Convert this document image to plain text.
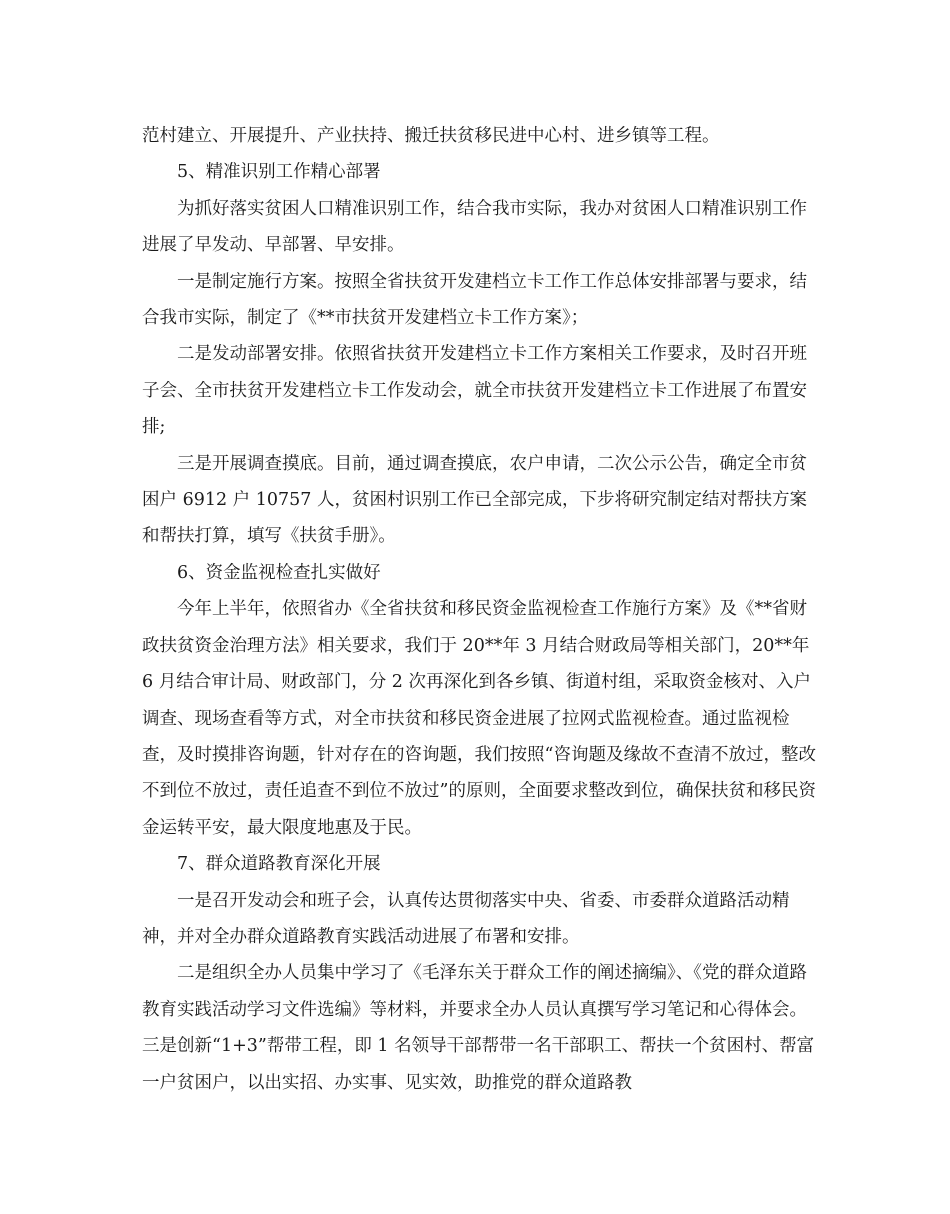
范村建立、开展提升、产业扶持、搬迁扶贫移民进中心村、进乡镇等工程。

5、精准识别工作精心部署

为抓好落实贫困人口精准识别工作，结合我市实际，我办对贫困人口精准识别工作进展了早发动、早部署、早安排。

一是制定施行方案。按照全省扶贫开发建档立卡工作工作总体安排部署与要求，结合我市实际，制定了《**市扶贫开发建档立卡工作方案》；

二是发动部署安排。依照省扶贫开发建档立卡工作方案相关工作要求，及时召开班子会、全市扶贫开发建档立卡工作发动会，就全市扶贫开发建档立卡工作进展了布置安排;

三是开展调查摸底。目前，通过调查摸底，农户申请，二次公示公告，确定全市贫困户 6912 户 10757 人，贫困村识别工作已全部完成，下步将研究制定结对帮扶方案和帮扶打算，填写《扶贫手册》。

6、资金监视检查扎实做好

今年上半年，依照省办《全省扶贫和移民资金监视检查工作施行方案》及《**省财政扶贫资金治理方法》相关要求，我们于 20**年 3 月结合财政局等相关部门，20**年 6 月结合审计局、财政部门，分 2 次再深化到各乡镇、街道村组，采取资金核对、入户调查、现场查看等方式，对全市扶贫和移民资金进展了拉网式监视检查。通过监视检查，及时摸排咨询题，针对存在的咨询题，我们按照“咨询题及缘故不查清不放过，整改不到位不放过，责任追查不到位不放过”的原则，全面要求整改到位，确保扶贫和移民资金运转平安，最大限度地惠及于民。

7、群众道路教育深化开展

一是召开发动会和班子会，认真传达贯彻落实中央、省委、市委群众道路活动精神，并对全办群众道路教育实践活动进展了布署和安排。

二是组织全办人员集中学习了《毛泽东关于群众工作的阐述摘编》、《党的群众道路教育实践活动学习文件选编》等材料，并要求全办人员认真撰写学习笔记和心得体会。三是创新“1+3”帮带工程，即 1 名领导干部帮带一名干部职工、帮扶一个贫困村、帮富一户贫困户，以出实招、办实事、见实效，助推党的群众道路教
